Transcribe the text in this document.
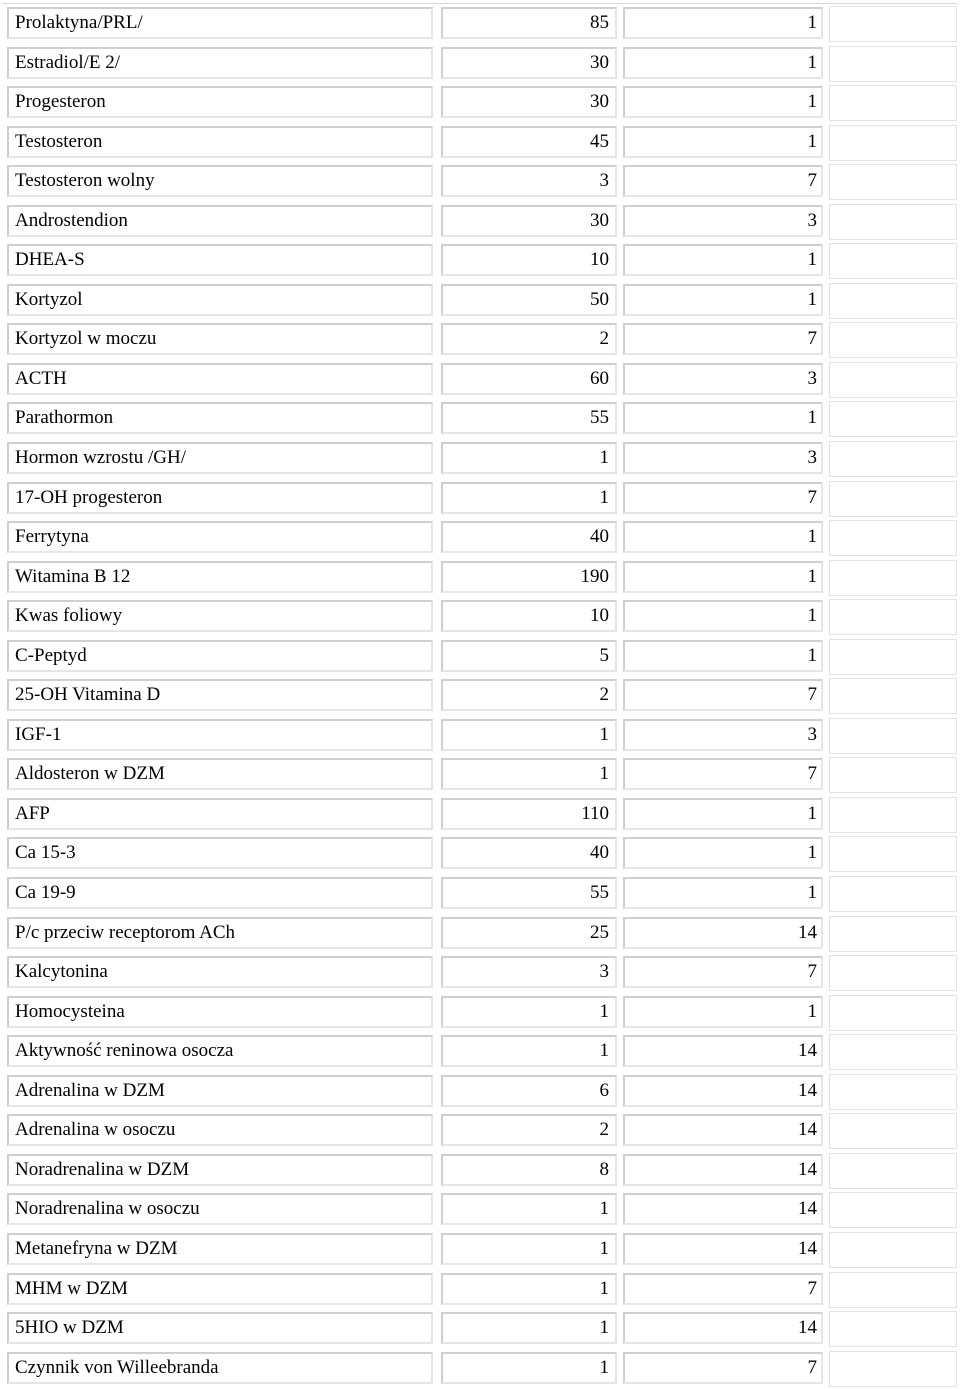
Prolaktyna/PRL/	85	1
Estradiol/E 2/	30	1
Progesteron	30	1
Testosteron	45	1
Testosteron wolny	3	7
Androstendion	30	3
DHEA-S	10	1
Kortyzol	50	1
Kortyzol w moczu	2	7
ACTH	60	3
Parathormon	55	1
Hormon wzrostu /GH/	1	3
17-OH progesteron	1	7
Ferrytyna	40	1
Witamina B 12	190	1
Kwas foliowy	10	1
C-Peptyd	5	1
25-OH Vitamina D	2	7
IGF-1	1	3
Aldosteron w DZM	1	7
AFP	110	1
Ca 15-3	40	1
Ca 19-9	55	1
P/c przeciw receptorom ACh	25	14
Kalcytonina	3	7
Homocysteina	1	1
Aktywność reninowa osocza	1	14
Adrenalina w DZM	6	14
Adrenalina w osoczu	2	14
Noradrenalina w DZM	8	14
Noradrenalina w osoczu	1	14
Metanefryna w DZM	1	14
MHM w DZM	1	7
5HIO w DZM	1	14
Czynnik von Willeebranda	1	7
